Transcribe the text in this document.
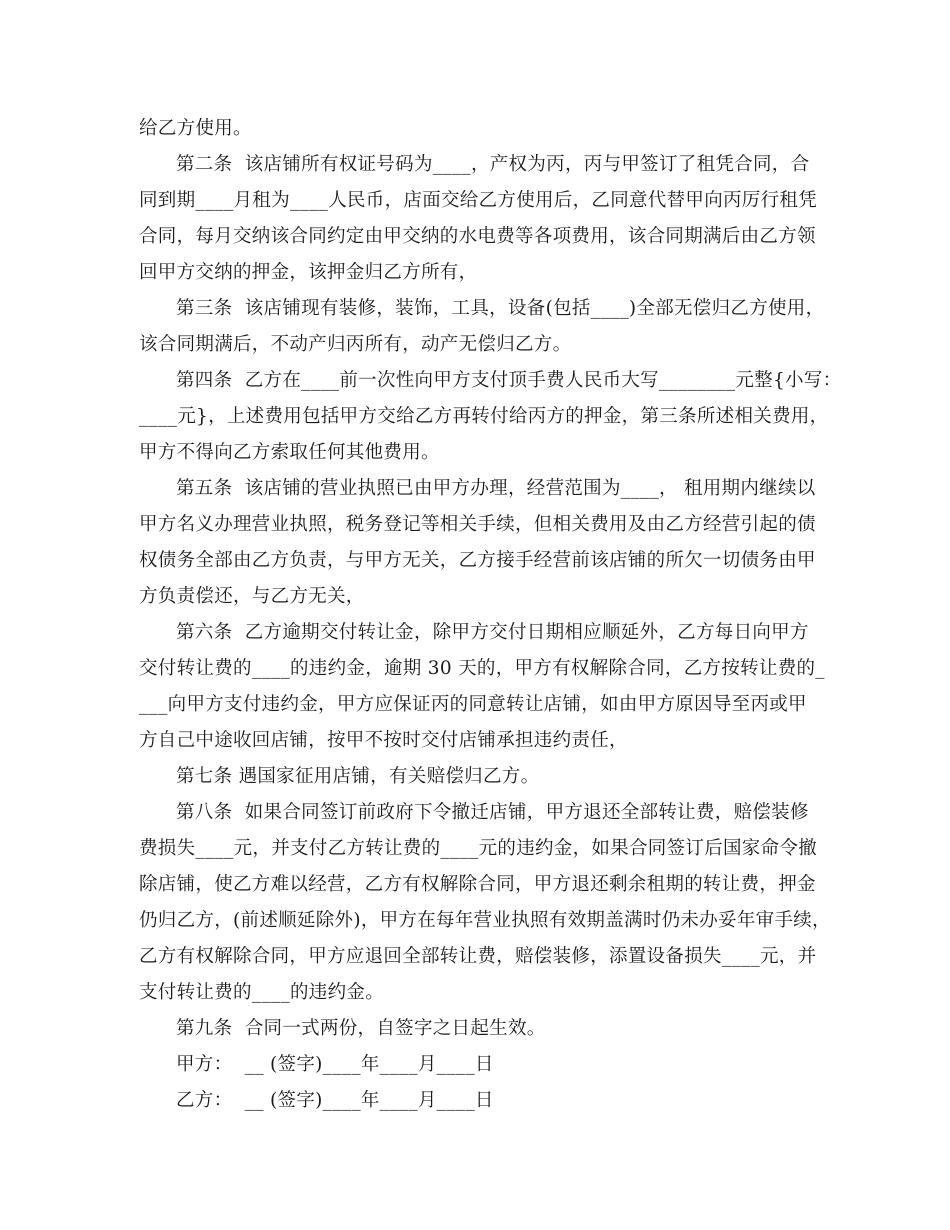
给乙方使用。
第二条  该店铺所有权证号码为____，产权为丙，丙与甲签订了租凭合同，合
同到期____月租为____人民币，店面交给乙方使用后，乙同意代替甲向丙厉行租凭
合同，每月交纳该合同约定由甲交纳的水电费等各项费用，该合同期满后由乙方领
回甲方交纳的押金，该押金归乙方所有，
第三条  该店铺现有装修，装饰，工具，设备(包括____)全部无偿归乙方使用，
该合同期满后，不动产归丙所有，动产无偿归乙方。
第四条  乙方在____前一次性向甲方支付顶手费人民币大写________元整{小写：
____元}，上述费用包括甲方交给乙方再转付给丙方的押金，第三条所述相关费用，
甲方不得向乙方索取任何其他费用。
第五条  该店铺的营业执照已由甲方办理，经营范围为____， 租用期内继续以
甲方名义办理营业执照，税务登记等相关手续，但相关费用及由乙方经营引起的债
权债务全部由乙方负责，与甲方无关，乙方接手经营前该店铺的所欠一切债务由甲
方负责偿还，与乙方无关，
第六条  乙方逾期交付转让金，除甲方交付日期相应顺延外，乙方每日向甲方
交付转让费的____的违约金，逾期 30 天的，甲方有权解除合同，乙方按转让费的_
___向甲方支付违约金，甲方应保证丙的同意转让店铺，如由甲方原因导至丙或甲
方自己中途收回店铺，按甲不按时交付店铺承担违约责任，
第七条 遇国家征用店铺，有关赔偿归乙方。
第八条  如果合同签订前政府下令撤迁店铺，甲方退还全部转让费，赔偿装修
费损失____元，并支付乙方转让费的____元的违约金，如果合同签订后国家命令撤
除店铺，使乙方难以经营，乙方有权解除合同，甲方退还剩余租期的转让费，押金
仍归乙方，(前述顺延除外)，甲方在每年营业执照有效期盖满时仍未办妥年审手续，
乙方有权解除合同，甲方应退回全部转让费，赔偿装修，添置设备损失____元，并
支付转让费的____的违约金。
第九条  合同一式两份，自签字之日起生效。
甲方：  __ (签字)____年____月____日
乙方：  __ (签字)____年____月____日
